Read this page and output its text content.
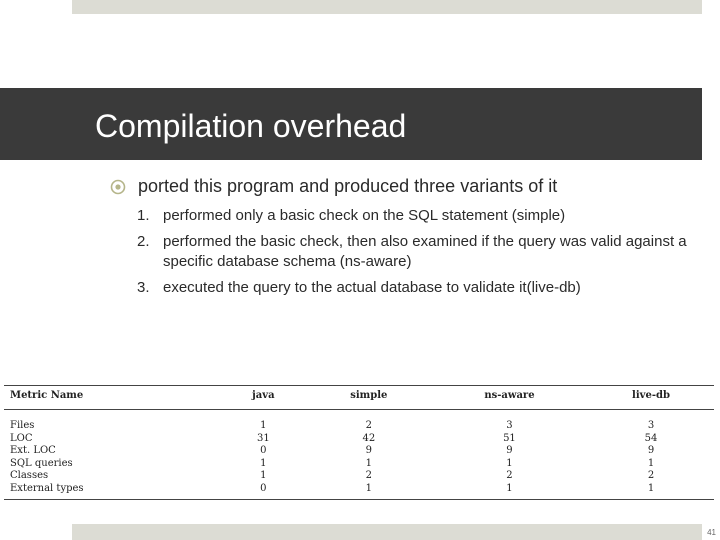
Compilation overhead
ported this program and produced three variants of it
1. performed only a basic check on the SQL statement (simple)
2. performed the basic check, then also examined if the query was valid against a specific database schema (ns-aware)
3. executed the query to the actual database to validate it(live-db)
Metric Name	java	simple	ns-aware	live-db

Files	1	2	3	3
LOC	31	42	51	54
Ext. LOC	0	9	9	9
SQL queries	1	1	1	1
Classes	1	2	2	2
External types	0	1	1	1
41
